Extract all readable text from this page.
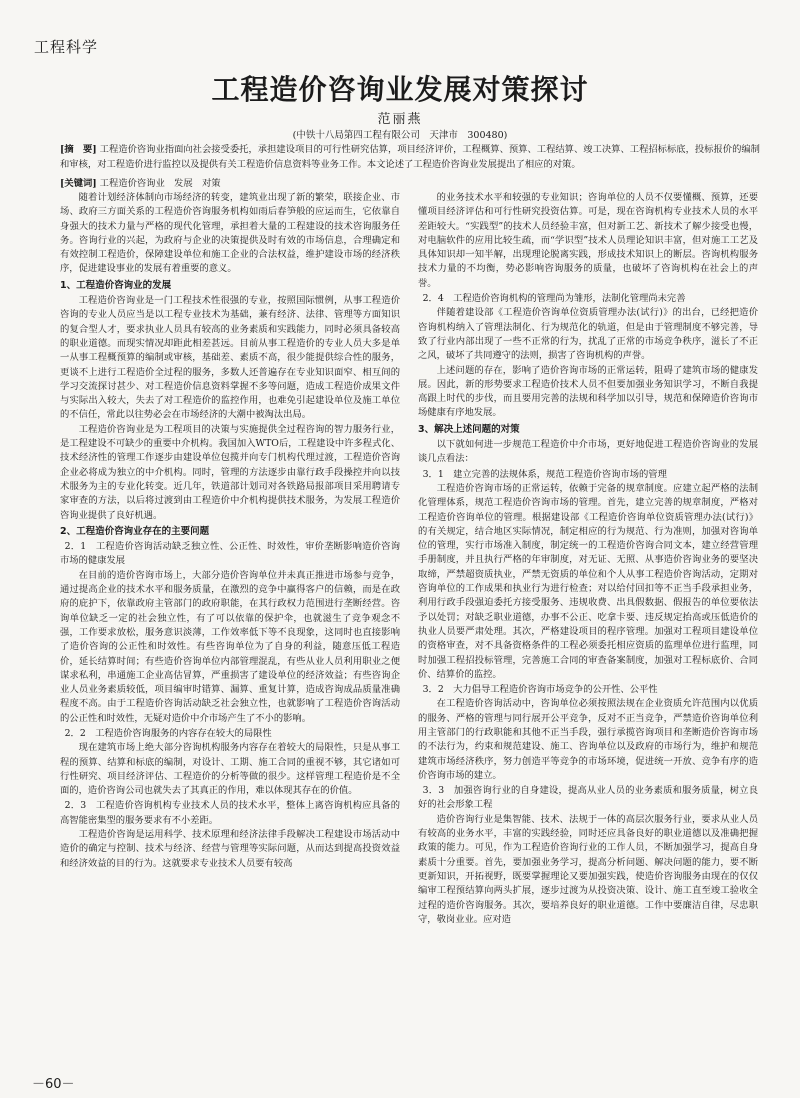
工程科学
工程造价咨询业发展对策探讨
范丽燕
(中铁十八局第四工程有限公司　天津市　300480)
[摘　要] 工程造价咨询业指面向社会接受委托，承担建设项目的可行性研究估算，项目经济评价，工程概算、预算、工程结算、竣工决算、工程招标标底，投标报价的编制和审核，对工程造价进行监控以及提供有关工程造价信息资料等业务工作。本文论述了工程造价咨询业发展提出了相应的对策。
[关键词] 工程造价咨询业　发展　对策

随着计划经济体制向市场经济的转变，建筑业出现了新的繁荣，联接企业、市场、政府三方面关系的工程造价咨询服务机构如雨后春笋般的应运而生，它依靠自身强大的技术力量与严格的现代化管理，承担着大量的工程建设的技术咨询服务任务。咨询行业的兴起，为政府与企业的决策提供及时有效的市场信息，合理确定和有效控制工程造价，保障建设单位和施工企业的合法权益，维护建设市场的经济秩序，促进建设事业的发展有着重要的意义。

1、工程造价咨询业的发展

工程造价咨询业是一门工程技术性很强的专业，按照国际惯例，从事工程造价咨询的专业人员应当是以工程专业技术为基础，兼有经济、法律、管理等方面知识的复合型人才，要求执业人员具有较高的业务素质和实践能力，同时必须具备较高的职业道德。而现实情况却距此相差甚远。目前从事工程造价的专业人员大多是单一从事工程概预算的编制或审核，基础差、素质不高，很少能提供综合性的服务，更谈不上进行工程造价全过程的服务，多数人还普遍存在专业知识面窄、相互间的学习交流探讨甚少、对工程造价信息资料掌握不多等问题，造成工程造价成果文件与实际出入较大，失去了对工程造价的监控作用，也难免引起建设单位及施工单位的不信任，常此以往势必会在市场经济的大潮中被淘汰出局。

工程造价咨询业是为工程项目的决策与实施提供全过程咨询的智力服务行业，是工程建设不可缺少的重要中介机构。我国加入WTO后，工程建设中许多程式化、技术经济性的管理工作逐步由建设单位包揽并向专门机构代理过渡，工程造价咨询企业必将成为独立的中介机构。同时，管理的方法逐步由靠行政手段操控并向以技术服务为主的专业化转变。近几年，铁道部计划司对各铁路局报部项目采用聘请专家审查的方法，以后将过渡到由工程造价中介机构提供技术服务，为发展工程造价咨询业提供了良好机遇。

2、工程造价咨询业存在的主要问题
2．1　工程造价咨询活动缺乏独立性、公正性、时效性，审价垄断影响造价咨询市场的健康发展

在目前的造价咨询市场上，大部分造价咨询单位并未真正推进市场参与竞争，通过提高企业的技术水平和服务质量，在激烈的竞争中赢得客户的信赖，而是在政府的庇护下，依靠政府主管部门的政府职能，在其行政权力范围进行垄断经营。咨询单位缺乏一定的社会独立性，有了可以依靠的保护伞，也就滋生了竞争观念不强，工作要求放松，服务意识淡薄，工作效率低下等不良现象，这同时也直接影响了造价咨询的公正性和时效性。有些咨询单位为了自身的利益，随意压低工程造价，延长结算时间；有些造价咨询单位内部管理混乱，有些从业人员利用职业之便谋求私利，串通施工企业高估冒算，严重损害了建设单位的经济效益；有些咨询企业人员业务素质较低，项目编审时错算、漏算、重复计算，造成咨询成品质量准确程度不高。由于工程造价咨询活动缺乏社会独立性，也就影响了工程造价咨询活动的公正性和时效性，无疑对造价中介市场产生了不小的影响。

2．2　工程造价咨询服务的内容存在较大的局限性

现在建筑市场上绝大部分咨询机构服务内容存在着较大的局限性，只是从事工程的预算、结算和标底的编制，对设计、工期、施工合同的重视不够，其它诸如可行性研究、项目经济评估、工程造价的分析等做的很少。这样管理工程造价是不全面的，造价咨询公司也就失去了其真正的作用，难以体现其存在的价值。

2．3　工程造价咨询机构专业技术人员的技术水平，整体上离咨询机构应具备的高智能密集型的服务要求有不小差距。

工程造价咨询是运用科学、技术原理和经济法律手段解决工程建设市场活动中造价的确定与控制、技术与经济、经营与管理等实际问题，从而达到提高投资效益和经济效益的目的行为。这就要求专业技术人员要有较高

的业务技术水平和较强的专业知识；咨询单位的人员不仅要懂概、预算，还要懂项目经济评估和可行性研究投资估算。可是，现在咨询机构专业技术人员的水平差距较大。“实践型”的技术人员经验丰富，但对新工艺、新技术了解少接受也慢，对电脑软件的应用比较生疏，而“学识型”技术人员理论知识丰富，但对施工工艺及具体知识却一知半解，出现理论脱离实践，形成技术知识上的断层。咨询机构服务技术力量的不均衡，势必影响咨询服务的质量，也破坏了咨询机构在社会上的声誉。

2．4　工程造价咨询机构的管理尚为雏形，法制化管理尚未完善

伴随着建设部《工程造价咨询单位资质管理办法(试行)》的出台，已经把造价咨询机构纳入了管理法制化、行为规范化的轨道，但是由于管理制度不够完善，导致了行业内部出现了一些不正常的行为，扰乱了正常的市场竞争秩序，滋长了不正之风，破坏了共同遵守的法则，损害了咨询机构的声誉。

上述问题的存在，影响了造价咨询市场的正常运转，阻碍了建筑市场的健康发展。因此，新的形势要求工程造价技术人员不但要加强业务知识学习，不断自我提高跟上时代的步伐，而且要用完善的法规和科学加以引导，规范和保障造价咨询市场健康有序地发展。

3、解决上述问题的对策

以下就如何进一步规范工程造价中介市场，更好地促进工程造价咨询业的发展谈几点看法：

3．1　建立完善的法规体系，规范工程造价咨询市场的管理

工程造价咨询市场的正常运转，依赖于完备的规章制度。应建立起严格的法制化管理体系，规范工程造价咨询市场的管理。首先，建立完善的规章制度，严格对工程造价咨询单位的管理。根据建设部《工程造价咨询单位资质管理办法(试行)》的有关规定，结合地区实际情况，制定相应的行为规范、行为准则，加强对咨询单位的管理，实行市场准入制度，制定统一的工程造价咨询合同文本，建立经营管理手册制度，并且执行严格的年审制度，对无证、无照、从事造价咨询业务的要坚决取缔，严禁超资质执业，严禁无资质的单位和个人从事工程造价咨询活动，定期对咨询单位的工作成果和执业行为进行检查；对以给付回扣等不正当手段承担业务，利用行政手段强迫委托方接受服务、违规收费、出具假数据、假报告的单位要依法予以处罚；对缺乏职业道德，办事不公正、吃拿卡要、违反规定抬高或压低造价的执业人员要严肃处理。其次，严格建设项目的程序管理。加强对工程项目建设单位的资格审查，对不具备资格条件的工程必须委托相应资质的监理单位进行监理，同时加强工程招投标管理，完善施工合同的审查备案制度，加强对工程标底价、合同价、结算价的监控。

3．2　大力倡导工程造价咨询市场竞争的公开性、公平性

在工程造价咨询活动中，咨询单位必须按照法规在企业资质允许范围内以优质的服务、严格的管理与同行展开公平竞争，反对不正当竞争，严禁造价咨询单位利用主管部门的行政职能和其他不正当手段，强行承揽咨询项目和垄断造价咨询市场的不法行为，约束和规范建设、施工、咨询单位以及政府的市场行为，维护和规范建筑市场经济秩序，努力创造平等竞争的市场环境，促进统一开放、竞争有序的造价咨询市场的建立。

3．3　加强咨询行业的自身建设，提高从业人员的业务素质和服务质量，树立良好的社会形象工程

造价咨询行业是集智能、技术、法规于一体的高层次服务行业，要求从业人员有较高的业务水平，丰富的实践经验，同时还应具备良好的职业道德以及准确把握政策的能力。可见，作为工程造价咨询行业的工作人员，不断加强学习，提高自身素质十分重要。首先，要加强业务学习，提高分析问题、解决问题的能力，要不断更新知识，开拓视野，既要掌握理论又要加强实践，使造价咨询服务由现在的仅仅编审工程预结算向两头扩展，逐步过渡为从投资决策、设计、施工直至竣工验收全过程的造价咨询服务。其次，要培养良好的职业道德。工作中要廉洁自律，尽忠职守，敬岗业业。应对造

－60－
